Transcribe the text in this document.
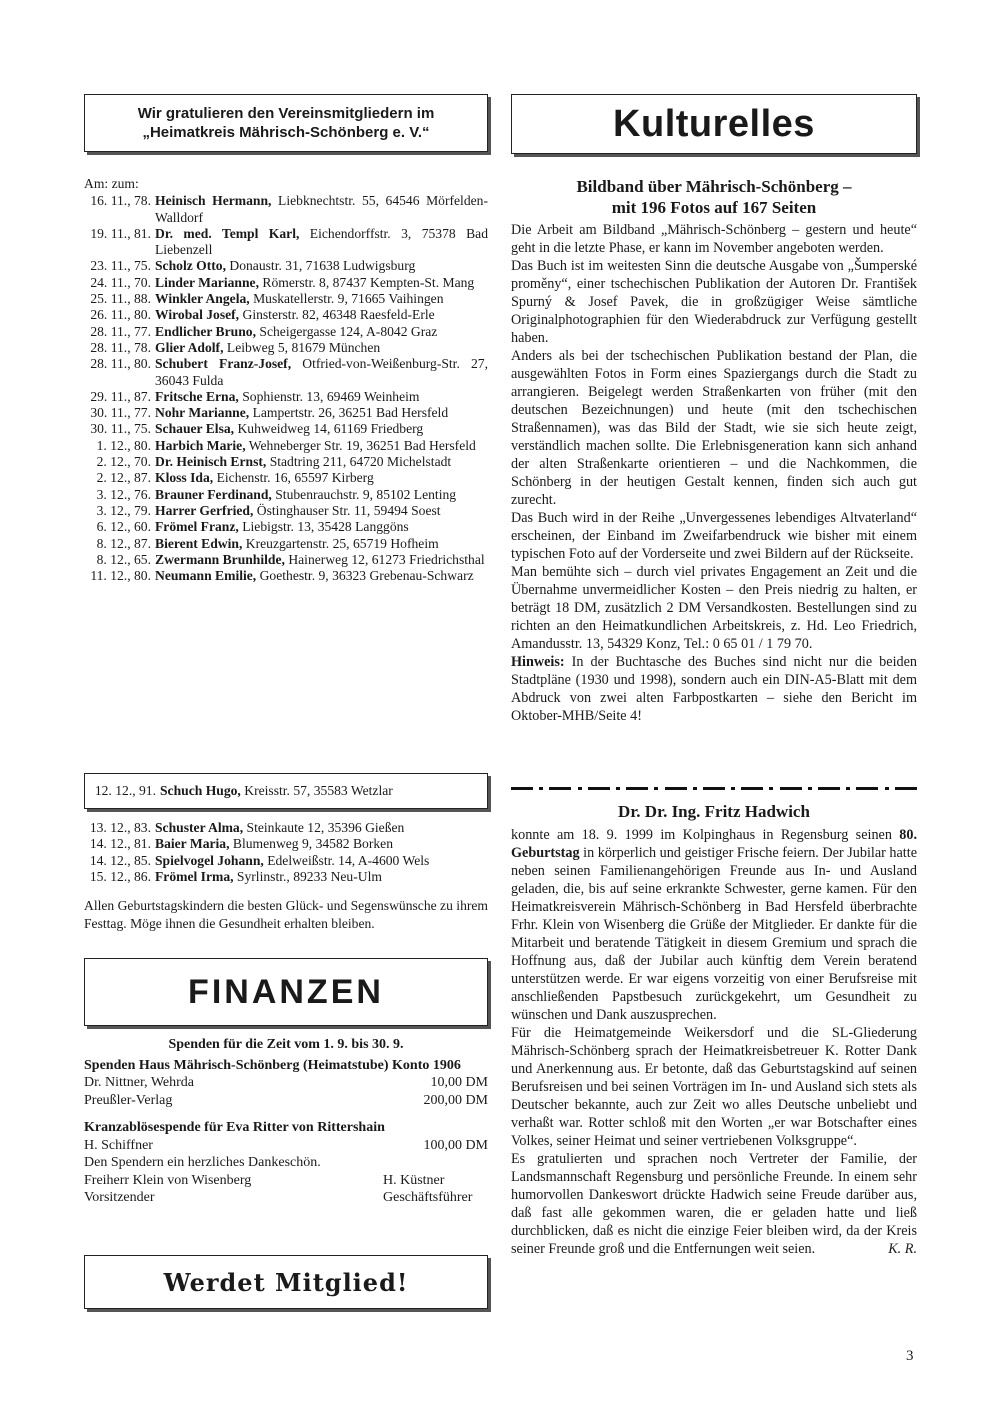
Wir gratulieren den Vereinsmitgliedern im
„Heimatkreis Mährisch-Schönberg e. V.“
Am: zum:
16. 11., 78. Heinisch Hermann, Liebknechtstr. 55, 64546 Mörfelden-Walldorf
19. 11., 81. Dr. med. Templ Karl, Eichendorffstr. 3, 75378 Bad Liebenzell
23. 11., 75. Scholz Otto, Donaustr. 31, 71638 Ludwigsburg
24. 11., 70. Linder Marianne, Römerstr. 8, 87437 Kempten-St. Mang
25. 11., 88. Winkler Angela, Muskatellerstr. 9, 71665 Vaihingen
26. 11., 80. Wirobal Josef, Ginsterstr. 82, 46348 Raesfeld-Erle
28. 11., 77. Endlicher Bruno, Scheigergasse 124, A-8042 Graz
28. 11., 78. Glier Adolf, Leibweg 5, 81679 München
28. 11., 80. Schubert Franz-Josef, Otfried-von-Weißenburg-Str. 27, 36043 Fulda
29. 11., 87. Fritsche Erna, Sophienstr. 13, 69469 Weinheim
30. 11., 77. Nohr Marianne, Lampertstr. 26, 36251 Bad Hersfeld
30. 11., 75. Schauer Elsa, Kuhweidweg 14, 61169 Friedberg
1. 12., 80. Harbich Marie, Wehneberger Str. 19, 36251 Bad Hersfeld
2. 12., 70. Dr. Heinisch Ernst, Stadtring 211, 64720 Michelstadt
2. 12., 87. Kloss Ida, Eichenstr. 16, 65597 Kirberg
3. 12., 76. Brauner Ferdinand, Stubenrauchstr. 9, 85102 Lenting
3. 12., 79. Harrer Gerfried, Östinghauser Str. 11, 59494 Soest
6. 12., 60. Frömel Franz, Liebigstr. 13, 35428 Langgöns
8. 12., 87. Bierent Edwin, Kreuzgartenstr. 25, 65719 Hofheim
8. 12., 65. Zwermann Brunhilde, Hainerweg 12, 61273 Friedrichsthal
11. 12., 80. Neumann Emilie, Goethestr. 9, 36323 Grebenau-Schwarz
12. 12., 91. Schuch Hugo, Kreisstr. 57, 35583 Wetzlar
13. 12., 83. Schuster Alma, Steinkaute 12, 35396 Gießen
14. 12., 81. Baier Maria, Blumenweg 9, 34582 Borken
14. 12., 85. Spielvogel Johann, Edelweißstr. 14, A-4600 Wels
15. 12., 86. Frömel Irma, Syrlinstr., 89233 Neu-Ulm
Allen Geburtstagskindern die besten Glück- und Segenswünsche zu ihrem Festtag. Möge ihnen die Gesundheit erhalten bleiben.
FINANZEN
Spenden für die Zeit vom 1. 9. bis 30. 9.
Spenden Haus Mährisch-Schönberg (Heimatstube) Konto 1906
Dr. Nittner, Wehrda	10,00 DM
Preußler-Verlag	200,00 DM
Kranzablösespende für Eva Ritter von Rittershain
H. Schiffner	100,00 DM
Den Spendern ein herzliches Dankeschön.
Freiherr Klein von Wisenberg	H. Küstner
Vorsitzender	Geschäftsführer
Werdet Mitglied!
Kulturelles
Bildband über Mährisch-Schönberg –
mit 196 Fotos auf 167 Seiten

Die Arbeit am Bildband „Mährisch-Schönberg – gestern und heute“ geht in die letzte Phase, er kann im November angeboten werden.

Das Buch ist im weitesten Sinn die deutsche Ausgabe von „Šumperské proměny“, einer tschechischen Publikation der Autoren Dr. František Spurný & Josef Pavek, die in großzügiger Weise sämtliche Originalphotographien für den Wiederabdruck zur Verfügung gestellt haben.

Anders als bei der tschechischen Publikation bestand der Plan, die ausgewählten Fotos in Form eines Spaziergangs durch die Stadt zu arrangieren. Beigelegt werden Straßenkarten von früher (mit den deutschen Bezeichnungen) und heute (mit den tschechischen Straßennamen), was das Bild der Stadt, wie sie sich heute zeigt, verständlich machen sollte. Die Erlebnisgeneration kann sich anhand der alten Straßenkarte orientieren – und die Nachkommen, die Schönberg in der heutigen Gestalt kennen, finden sich auch gut zurecht.

Das Buch wird in der Reihe „Unvergessenes lebendiges Altvaterland“ erscheinen, der Einband im Zweifarbendruck wie bisher mit einem typischen Foto auf der Vorderseite und zwei Bildern auf der Rückseite.

Man bemühte sich – durch viel privates Engagement an Zeit und die Übernahme unvermeidlicher Kosten – den Preis niedrig zu halten, er beträgt 18 DM, zusätzlich 2 DM Versandkosten. Bestellungen sind zu richten an den Heimatkundlichen Arbeitskreis, z. Hd. Leo Friedrich, Amandusstr. 13, 54329 Konz, Tel.: 0 65 01 / 1 79 70.

Hinweis: In der Buchtasche des Buches sind nicht nur die beiden Stadtpläne (1930 und 1998), sondern auch ein DIN-A5-Blatt mit dem Abdruck von zwei alten Farbpostkarten – siehe den Bericht im Oktober-MHB/Seite 4!

Dr. Dr. Ing. Fritz Hadwich

konnte am 18. 9. 1999 im Kolpinghaus in Regensburg seinen 80. Geburtstag in körperlich und geistiger Frische feiern. Der Jubilar hatte neben seinen Familienangehörigen Freunde aus In- und Ausland geladen, die, bis auf seine erkrankte Schwester, gerne kamen. Für den Heimatkreisverein Mährisch-Schönberg in Bad Hersfeld überbrachte Frhr. Klein von Wisenberg die Grüße der Mitglieder. Er dankte für die Mitarbeit und beratende Tätigkeit in diesem Gremium und sprach die Hoffnung aus, daß der Jubilar auch künftig dem Verein beratend unterstützen werde. Er war eigens vorzeitig von einer Berufsreise mit anschließenden Papstbesuch zurückgekehrt, um Gesundheit zu wünschen und Dank auszusprechen.

Für die Heimatgemeinde Weikersdorf und die SL-Gliederung Mährisch-Schönberg sprach der Heimatkreisbetreuer K. Rotter Dank und Anerkennung aus. Er betonte, daß das Geburtstagskind auf seinen Berufsreisen und bei seinen Vorträgen im In- und Ausland sich stets als Deutscher bekannte, auch zur Zeit wo alles Deutsche unbeliebt und verhaßt war. Rotter schloß mit den Worten „er war Botschafter eines Volkes, seiner Heimat und seiner vertriebenen Volksgruppe“.

Es gratulierten und sprachen noch Vertreter der Familie, der Landsmannschaft Regensburg und persönliche Freunde. In einem sehr humorvollen Dankeswort drückte Hadwich seine Freude darüber aus, daß fast alle gekommen waren, die er geladen hatte und ließ durchblicken, daß es nicht die einzige Feier bleiben wird, da der Kreis seiner Freunde groß und die Entfernungen weit seien.	K. R.

3
